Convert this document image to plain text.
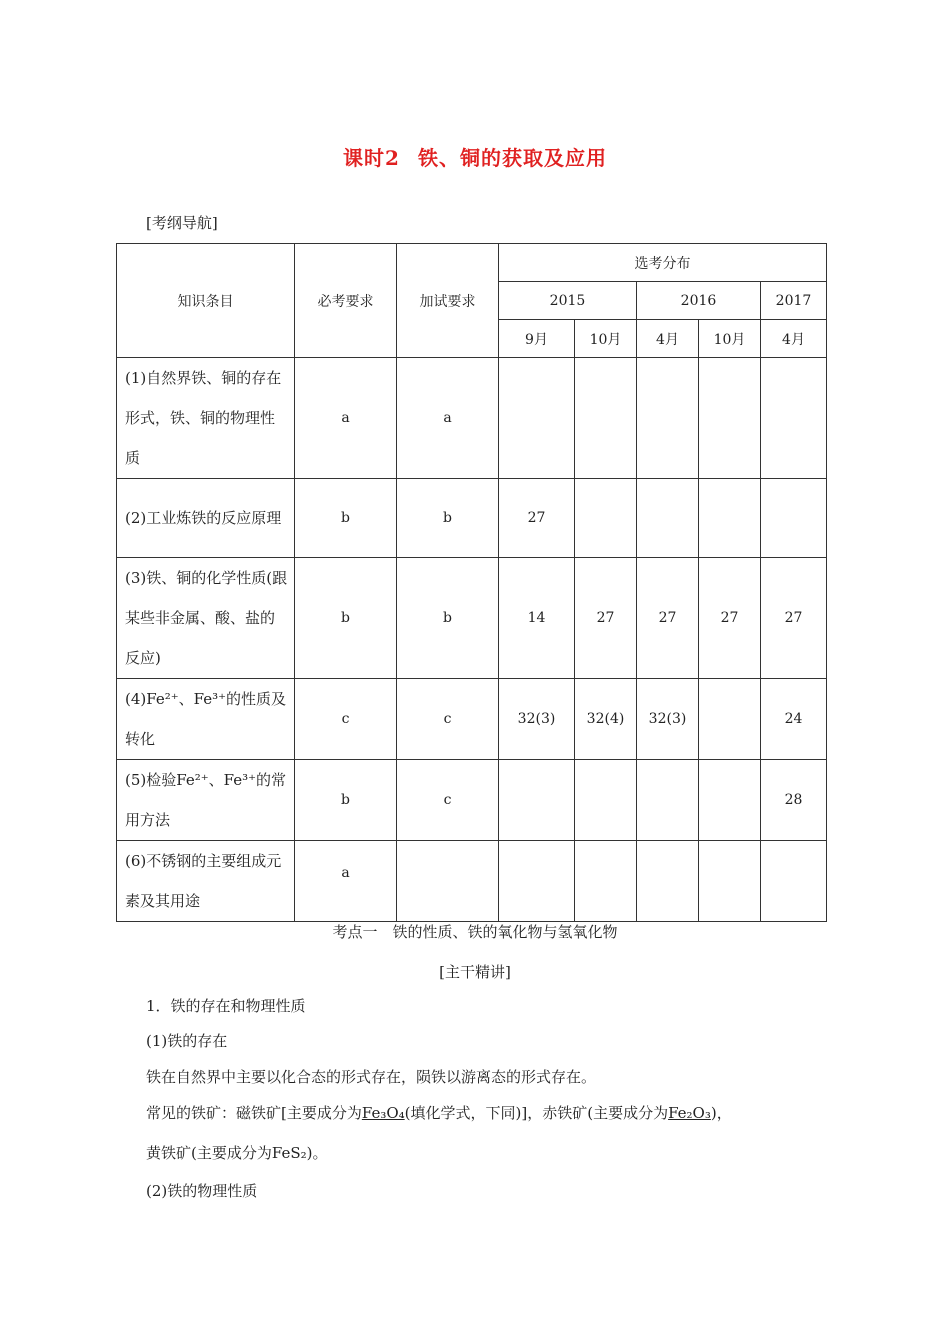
课时2 铁、铜的获取及应用
[考纲导航]
知识条目	必考要求	加试要求	选考分布				
			2015		2016		2017
			9月	10月	4月	10月	4月
(1)自然界铁、铜的存在形式，铁、铜的物理性质	a	a					
(2)工业炼铁的反应原理	b	b	27				
(3)铁、铜的化学性质(跟某些非金属、酸、盐的反应)	b	b	14	27	27	27	27
(4)Fe²⁺、Fe³⁺的性质及转化	c	c	32(3)	32(4)	32(3)		24
(5)检验Fe²⁺、Fe³⁺的常用方法	b	c					28
(6)不锈钢的主要组成元素及其用途	a						
考点一　铁的性质、铁的氧化物与氢氧化物
[主干精讲]
1．铁的存在和物理性质
(1)铁的存在
铁在自然界中主要以化合态的形式存在，陨铁以游离态的形式存在。
常见的铁矿：磁铁矿[主要成分为Fe₃O₄(填化学式，下同)]，赤铁矿(主要成分为Fe₂O₃)，
黄铁矿(主要成分为FeS₂)。
(2)铁的物理性质
